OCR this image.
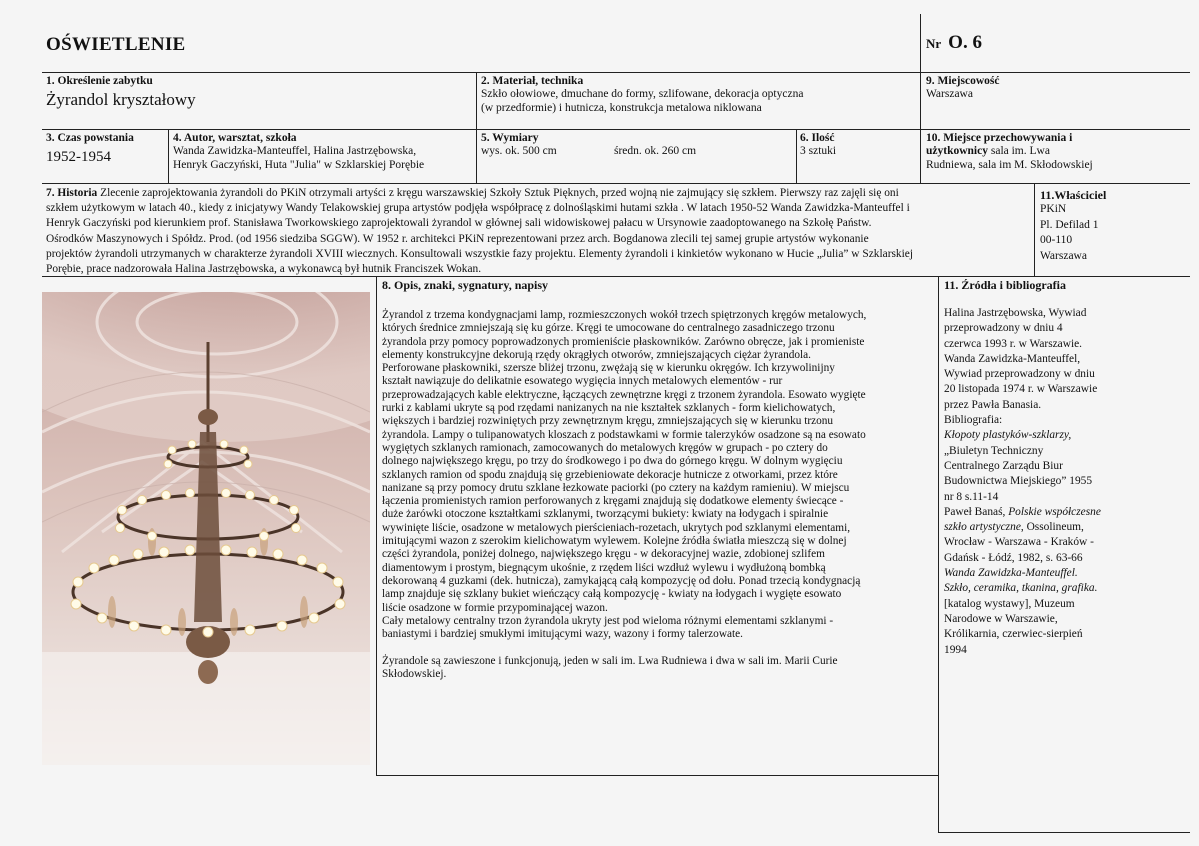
OŚWIETLENIE	Nr O. 6
1. Określenie zabytku
Żyrandol kryształowy
2. Materiał, technika
Szkło ołowiowe, dmuchane do formy, szlifowane, dekoracja optyczna
(w przedformie) i hutnicza, konstrukcja metalowa niklowana
9. Miejscowość
Warszawa
3. Czas powstania
1952-1954
4. Autor, warsztat, szkoła
Wanda Zawidzka-Manteuffel, Halina Jastrzębowska,
Henryk Gaczyński, Huta "Julia" w Szklarskiej Porębie
5. Wymiary
wys. ok. 500 cm	średn. ok. 260 cm
6. Ilość
3 sztuki
10. Miejsce przechowywania i
użytkownicy sala im. Lwa
Rudniewa, sala im M. Skłodowskiej
7. Historia Zlecenie zaprojektowania żyrandoli do PKiN otrzymali artyści z kręgu warszawskiej Szkoły Sztuk Pięknych, przed wojną nie zajmujący się szkłem. Pierwszy raz zajęli się oni
szkłem użytkowym w latach 40., kiedy z inicjatywy Wandy Telakowskiej grupa artystów podjęła współpracę z dolnośląskimi hutami szkła . W latach 1950-52 Wanda Zawidzka-Manteuffel i
Henryk Gaczyński pod kierunkiem prof. Stanisława Tworkowskiego zaprojektowali żyrandol w głównej sali widowiskowej pałacu w Ursynowie zaadoptowanego na Szkołę Państw.
Ośrodków Maszynowych i Spółdz. Prod. (od 1956 siedziba SGGW). W 1952 r. architekci PKiN reprezentowani przez arch. Bogdanowa zlecili tej samej grupie artystów wykonanie
projektów żyrandoli utrzymanych w charakterze żyrandoli XVIII wiecznych. Konsultowali wszystkie fazy projektu. Elementy żyrandoli i kinkietów wykonano w Hucie „Julia” w Szklarskiej
Porębie, prace nadzorowała Halina Jastrzębowska, a wykonawcą był hutnik Franciszek Wokan.
11.Właściciel
PKiN
Pl. Defilad 1
00-110
Warszawa
8. Opis, znaki, sygnatury, napisy
Żyrandol z trzema kondygnacjami lamp, rozmieszczonych wokół trzech spiętrzonych kręgów metalowych,
których średnice zmniejszają się ku górze. Kręgi te umocowane do centralnego zasadniczego trzonu
żyrandola przy pomocy poprowadzonych promieniście płaskowników. Zarówno obręcze, jak i promieniste
elementy konstrukcyjne dekorują rzędy okrągłych otworów, zmniejszających ciężar żyrandola.
Perforowane płaskowniki, szersze bliżej trzonu, zwężają się w kierunku okręgów. Ich krzywolinijny
kształt nawiązuje do delikatnie esowatego wygięcia innych metalowych elementów - rur
przeprowadzających kable elektryczne, łączących zewnętrzne kręgi z trzonem żyrandola. Esowato wygięte
rurki z kablami ukryte są pod rzędami nanizanych na nie kształtek szklanych - form kielichowatych,
większych i bardziej rozwiniętych przy zewnętrznym kręgu, zmniejszających się w kierunku trzonu
żyrandola. Lampy o tulipanowatych kloszach z podstawkami w formie talerzyków osadzone są na esowato
wygiętych szklanych ramionach, zamocowanych do metalowych kręgów w grupach - po cztery do
dolnego największego kręgu, po trzy do środkowego i po dwa do górnego kręgu. W dolnym wygięciu
szklanych ramion od spodu znajdują się grzebieniowate dekoracje hutnicze z otworkami, przez które
nanizane są przy pomocy drutu szklane łezkowate paciorki (po cztery na każdym ramieniu). W miejscu
łączenia promienistych ramion perforowanych z kręgami znajdują się dodatkowe elementy świecące -
duże żarówki otoczone kształtkami szklanymi, tworzącymi bukiety: kwiaty na łodygach i spiralnie
wywinięte liście, osadzone w metalowych pierścieniach-rozetach, ukrytych pod szklanymi elementami,
imitującymi wazon z szerokim kielichowatym wylewem. Kolejne źródła światła mieszczą się w dolnej
części żyrandola, poniżej dolnego, największego kręgu - w dekoracyjnej wazie, zdobionej szlifem
diamentowym i prostym, biegnącym ukośnie, z rzędem liści wzdłuż wylewu i wydłużoną bombką
dekorowaną 4 guzkami (dek. hutnicza), zamykającą całą kompozycję od dołu. Ponad trzecią kondygnacją
lamp znajduje się szklany bukiet wieńczący całą kompozycję - kwiaty na łodygach i wygięte esowato
liście osadzone w formie przypominającej wazon.
Cały metalowy centralny trzon żyrandola ukryty jest pod wieloma różnymi elementami szklanymi -
baniastymi i bardziej smukłymi imitującymi wazy, wazony i formy talerzowate.
Żyrandole są zawieszone i funkcjonują, jeden w sali im. Lwa Rudniewa i dwa w sali im. Marii Curie
Skłodowskiej.
11. Źródła i bibliografia
Halina Jastrzębowska, Wywiad
przeprowadzony w dniu 4
czerwca 1993 r. w Warszawie.
Wanda Zawidzka-Manteuffel,
Wywiad przeprowadzony w dniu
20 listopada 1974 r. w Warszawie
przez Pawła Banasia.
Bibliografia:
Kłopoty plastyków-szklarzy,
„Biuletyn Techniczny
Centralnego Zarządu Biur
Budownictwa Miejskiego” 1955
nr 8 s.11-14
Paweł Banaś, Polskie współczesne
szkło artystyczne, Ossolineum,
Wrocław - Warszawa - Kraków -
Gdańsk - Łódź, 1982, s. 63-66
Wanda Zawidzka-Manteuffel.
Szkło, ceramika, tkanina, grafika.
[katalog wystawy], Muzeum
Narodowe w Warszawie,
Królikarnia, czerwiec-sierpień
1994
